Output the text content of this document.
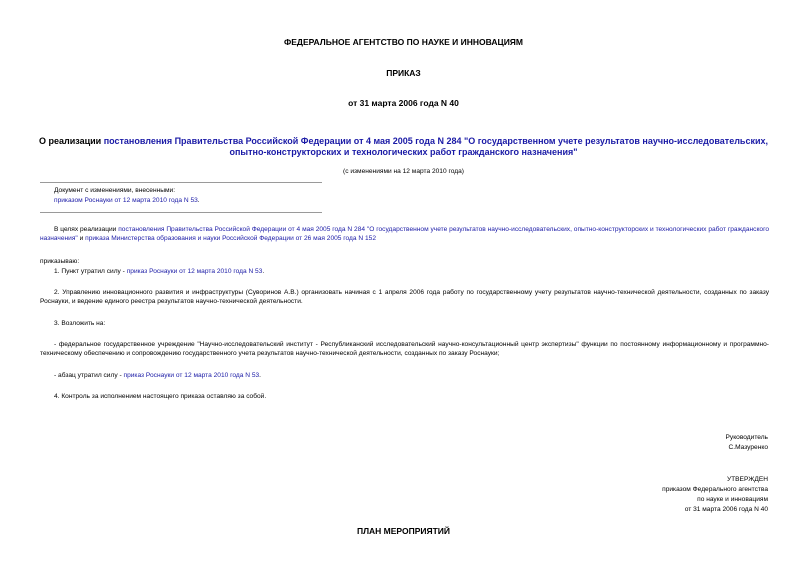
ФЕДЕРАЛЬНОЕ АГЕНТСТВО ПО НАУКЕ И ИННОВАЦИЯМ
ПРИКАЗ
от 31 марта 2006 года N 40
О реализации постановления Правительства Российской Федерации от 4 мая 2005 года N 284 "О государственном учете результатов научно-исследовательских, опытно-конструкторских и технологических работ гражданского назначения"
(с изменениями на 12 марта 2010 года)
Документ с изменениями, внесенными:
приказом Роснауки от 12 марта 2010 года N 53.
В целях реализации постановления Правительства Российской Федерации от 4 мая 2005 года N 284 "О государственном учете результатов научно-исследовательских, опытно-конструкторских и технологических работ гражданского назначения" и приказа Министерства образования и науки Российской Федерации от 26 мая 2005 года N 152
приказываю:
1. Пункт утратил силу - приказ Роснауки от 12 марта 2010 года N 53.
2. Управлению инновационного развития и инфраструктуры (Суворинов А.В.) организовать начиная с 1 апреля 2006 года работу по государственному учету результатов научно-технической деятельности, созданных по заказу Роснауки, и ведение единого реестра результатов научно-технической деятельности.
3. Возложить на:
- федеральное государственное учреждение "Научно-исследовательский институт - Республиканский исследовательский научно-консультационный центр экспертизы" функции по постоянному информационному и программно-техническому обеспечению и сопровождению государственного учета результатов научно-технической деятельности, созданных по заказу Роснауки;
- абзац утратил силу - приказ Роснауки от 12 марта 2010 года N 53.
4. Контроль за исполнением настоящего приказа оставляю за собой.
Руководитель
С.Мазуренко
УТВЕРЖДЕН
приказом Федерального агентства
по науке и инновациям
от 31 марта 2006 года N 40
ПЛАН МЕРОПРИЯТИЙ
